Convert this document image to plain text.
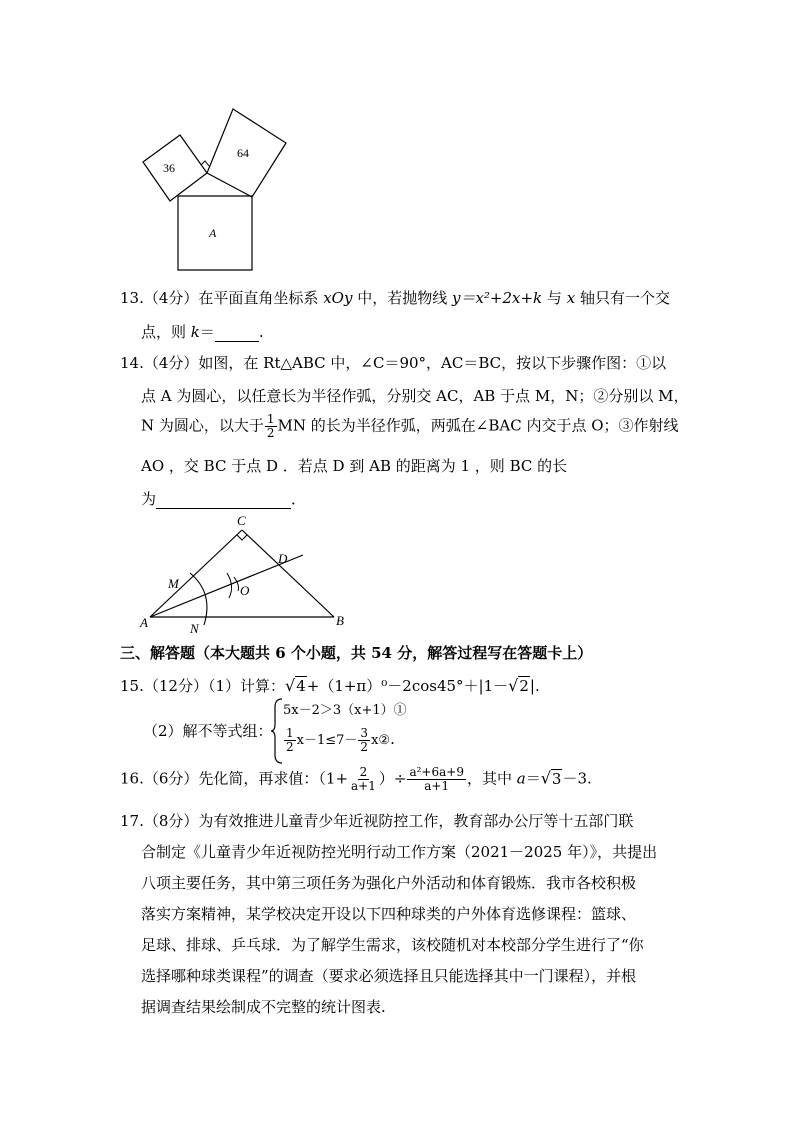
36
64
A
13.（4分）在平面直角坐标系 xOy 中，若抛物线 y＝x²+2x+k 与 x 轴只有一个交
点，则 k＝	.
14.（4分）如图，在 Rt△ABC 中，∠C＝90°，AC＝BC，按以下步骤作图：①以
点 A 为圆心，以任意长为半径作弧，分别交 AC，AB 于点 M，N；②分别以 M，
N 为圆心，以大于 $\frac{1}{2}$ MN 的长为半径作弧，两弧在∠BAC 内交于点 O；③作射线
AO ，交 BC 于点 D ．若点 D 到 AB 的距离为 1 ，则 BC 的长
为	．
C
D
M	O
A	N
B
三、解答题（本大题共 6 个小题，共 54 分，解答过程写在答题卡上）
15.（12分）（1）计算：√4+（1+π）⁰－2cos45°＋|1－√2|.
（2）解不等式组：
5x－2＞3（x+1）①
$\frac{1}{2} x-1\le 7- \frac{3}{2}$ x②.
16.（6分）先化简，再求值：（$1+ \frac{2}{a+1}$ ）÷ $\frac{\text{a²+6a+9}}{a+1}$ ，其中 a＝√3－3.
17.（8分）为有效推进儿童青少年近视防控工作，教育部办公厅等十五部门联
合制定《儿童青少年近视防控光明行动工作方案（2021－2025 年）》，共提出
八项主要任务，其中第三项任务为强化户外活动和体育锻炼．我市各校积极
落实方案精神，某学校决定开设以下四种球类的户外体育选修课程：篮球、
足球、排球、乒乓球．为了解学生需求，该校随机对本校部分学生进行了“你
选择哪种球类课程”的调查（要求必须选择且只能选择其中一门课程），并根
据调查结果绘制成不完整的统计图表.
